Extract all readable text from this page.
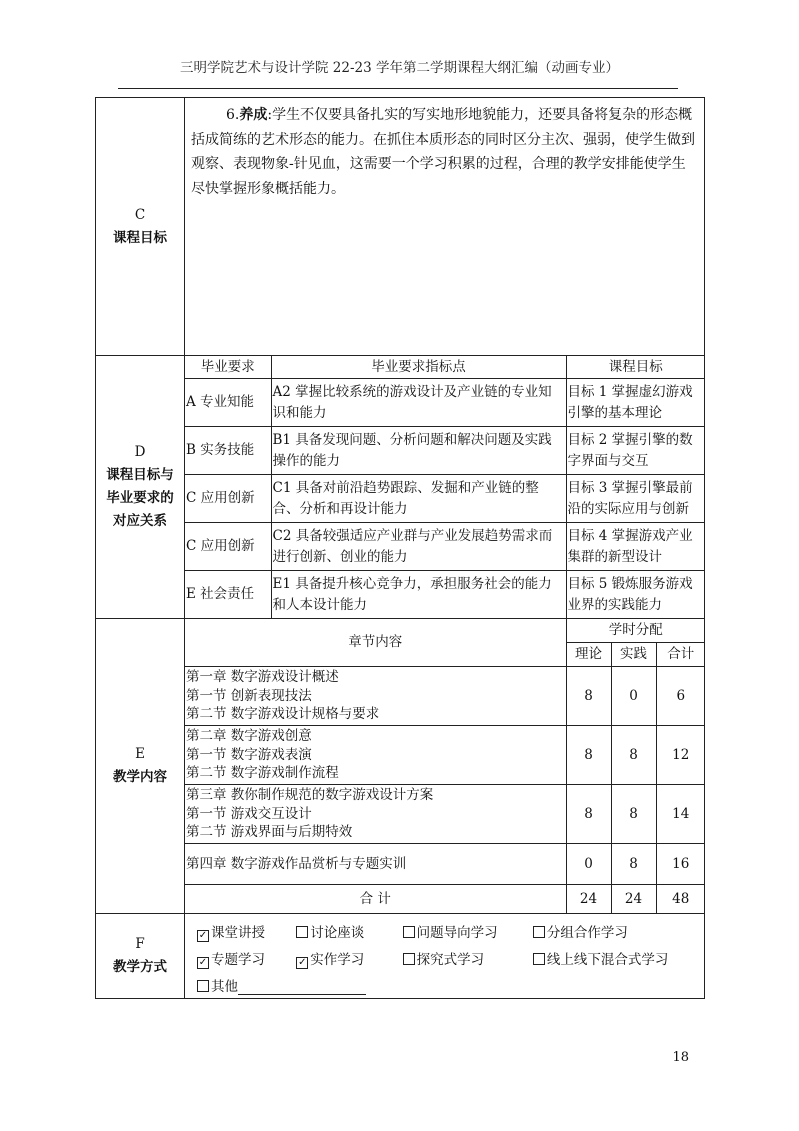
三明学院艺术与设计学院 22-23 学年第二学期课程大纲汇编（动画专业）
C
课程目标

6.养成:学生不仅要具备扎实的写实地形地貌能力，还要具备将复杂的形态概括成简练的艺术形态的能力。在抓住本质形态的同时区分主次、强弱，使学生做到观察、表现物象-针见血，这需要一个学习积累的过程，合理的教学安排能使学生尽快掌握形象概括能力。

D
课程目标与
毕业要求的
对应关系

毕业要求	毕业要求指标点	课程目标
A 专业知能	A2 掌握比较系统的游戏设计及产业链的专业知识和能力	目标 1 掌握虚幻游戏引擎的基本理论
B 实务技能	B1 具备发现问题、分析问题和解决问题及实践操作的能力	目标 2 掌握引擎的数字界面与交互
C 应用创新	C1 具备对前沿趋势跟踪、发掘和产业链的整合、分析和再设计能力	目标 3 掌握引擎最前沿的实际应用与创新
C 应用创新	C2 具备较强适应产业群与产业发展趋势需求而进行创新、创业的能力	目标 4 掌握游戏产业集群的新型设计
E 社会责任	E1 具备提升核心竞争力，承担服务社会的能力和人本设计能力	目标 5 锻炼服务游戏业界的实践能力

E
教学内容

章节内容	学时分配
理论	实践	合计

第一章 数字游戏设计概述
第一节 创新表现技法
第二节 数字游戏设计规格与要求
	8	0	6

第二章 数字游戏创意
第一节 数字游戏表演
第二节 数字游戏制作流程
	8	8	12

第三章 教你制作规范的数字游戏设计方案
第一节 游戏交互设计
第二节 游戏界面与后期特效
	8	8	14

第四章 数字游戏作品赏析与专题实训	0	8	16
合 计	24	24	48

F
教学方式

✓ 课堂讲授	讨论座谈	问题导向学习	分组合作学习
✓ 专题学习	✓ 实作学习	探究式学习	线上线下混合式学习
其他
18
